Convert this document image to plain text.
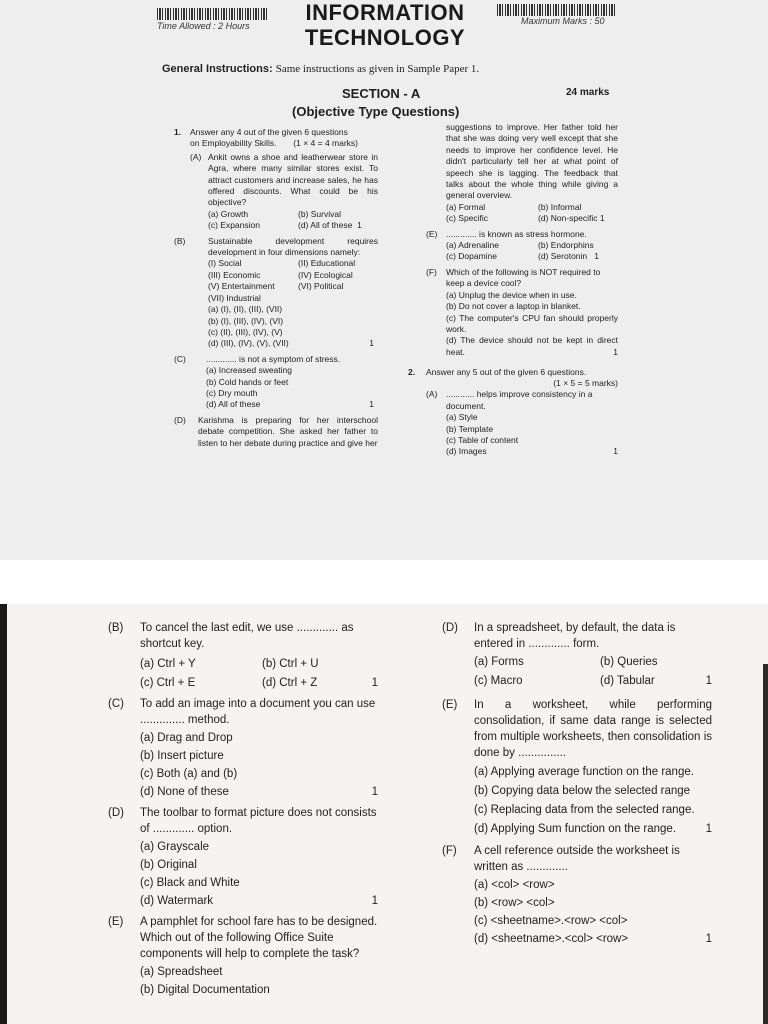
Time Allowed : 2 Hours	Maximum Marks : 50
INFORMATION
TECHNOLOGY
General Instructions: Same instructions as given in Sample Paper 1.
SECTION - A	24 marks
(Objective Type Questions)
1.	Answer any 4 out of the given 6 questions

on Employability Skills. (1 × 4 = 4 marks)
(A) Ankit owns a shoe and leatherwear store in Agra, where many similar stores exist. To attract customers and increase sales, he has offered discounts. What could be his objective?

(a) Growth	(b) Survival
(c) Expansion	(d) All of these 1
(B)	Sustainable development requires development in four dimensions namely:

(I) Social	(II) Educational
(III) Economic	(IV) Ecological
(V) Entertainment	(VI) Political
(VII) Industrial

(a) (I), (II), (III), (VII)

(b) (I), (III), (IV), (VI)

(c) (II), (III), (IV), (V)

(d) (III), (IV), (V), (VII)	1
(C)	............. is not a symptom of stress.

(a) Increased sweating

(b) Cold hands or feet

(c) Dry mouth

(d) All of these	1
(D)	Karishma is preparing for her interschool debate competition. She asked her father to listen to her debate during practice and give her

suggestions to improve. Her father told her that she was doing very well except that she needs to improve her confidence level. He didn't particularly tell her at what point of speech she is lagging. The feedback that talks about the whole thing while giving a general overview.

(a) Formal	(b) Informal
(c) Specific	(d) Non-specific 1
(E)	............. is known as stress hormone.

(a) Adrenaline	(b) Endorphins
(c) Dopamine	(d) Serotonin 1
(F)	Which of the following is NOT required to keep a device cool?

(a) Unplug the device when in use.

(b) Do not cover a laptop in blanket.

(c) The computer's CPU fan should properly work.

(d) The device should not be kept in direct heat.	1

2.	Answer any 5 out of the given 6 questions.

(1 × 5 = 5 marks)

(A)	............ helps improve consistency in a document.

(a) Style

(b) Template

(c) Table of content

(d) Images	1
(B)	To cancel the last edit, we use ............. as shortcut key.

(a) Ctrl + Y	(b) Ctrl + U
(c) Ctrl + E	(d) Ctrl + Z	1
(C)	To add an image into a document you can use .............. method.

(a) Drag and Drop

(b) Insert picture

(c) Both (a) and (b)

(d) None of these	1
(D)	The toolbar to format picture does not consists of ............. option.

(a) Grayscale

(b) Original

(c) Black and White

(d) Watermark	1
(E)	A pamphlet for school fare has to be designed. Which out of the following Office Suite components will help to complete the task?

(a) Spreadsheet

(b) Digital Documentation

(D)	In a spreadsheet, by default, the data is entered in ............. form.

(a) Forms	(b) Queries
(c) Macro	(d) Tabular	1
(E)	In a worksheet, while performing consolidation, if same data range is selected from multiple worksheets, then consolidation is done by ...............

(a) Applying average function on the range.

(b) Copying data below the selected range

(c) Replacing data from the selected range.

(d) Applying Sum function on the range.	1

(F)	A cell reference outside the worksheet is written as .............

(a) <col> <row>

(b) <row> <col>

(c) <sheetname>.<row> <col>

(d) <sheetname>.<col> <row>	1
